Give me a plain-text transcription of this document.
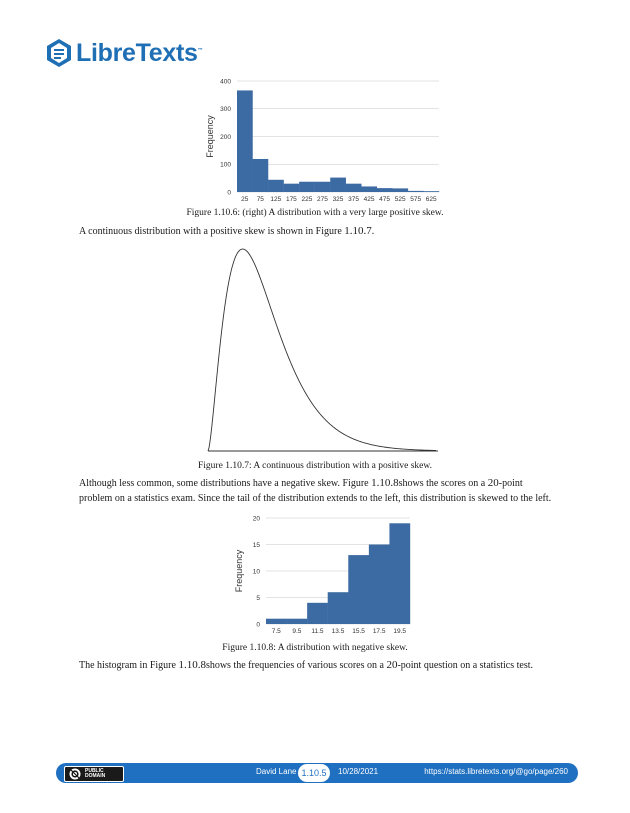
LibreTexts™
0
100
200
300
400
25 75 125 175 225 275 325 375 425 475 525 575 625
Frequency
Figure 1.10.6: (right) A distribution with a very large positive skew.
A continuous distribution with a positive skew is shown in Figure 1.10.7.
Figure 1.10.7: A continuous distribution with a positive skew.
Although less common, some distributions have a negative skew. Figure 1.10.8shows the scores on a 20-point problem on a statistics exam. Since the tail of the distribution extends to the left, this distribution is skewed to the left.
0
5
10
15
20
7.5 9.5 11.5 13.5 15.5 17.5 19.5
Frequency
Figure 1.10.8: A distribution with negative skew.
The histogram in Figure 1.10.8shows the frequencies of various scores on a 20-point question on a statistics test.
PUBLIC
DOMAIN	David Lane 1.10.5	10/28/2021	https://stats.libretexts.org/@go/page/260
